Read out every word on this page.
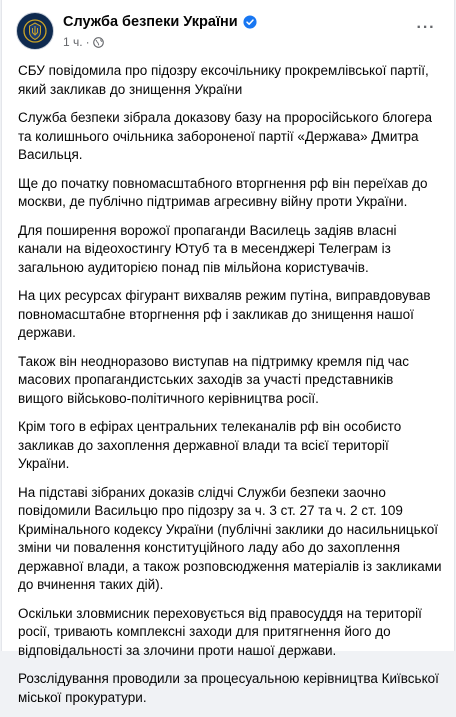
Служба безпеки України
1 ч. ·
···

СБУ повідомила про підозру ексочільнику прокремлівської партії, який закликав до знищення України

Служба безпеки зібрала доказову базу на проросійського блогера та колишнього очільника забороненої партії «Держава» Дмитра Васильця.

Ще до початку повномасштабного вторгнення рф він переїхав до москви, де публічно підтримав агресивну війну проти України.

Для поширення ворожої пропаганди Василець задіяв власні канали на відеохостингу Ютуб та в месенджері Телеграм із загальною аудиторією понад пів мільйона користувачів.

На цих ресурсах фігурант вихваляв режим путіна, виправдовував повномасштабне вторгнення рф і закликав до знищення нашої держави.

Також він неодноразово виступав на підтримку кремля під час масових пропагандистських заходів за участі представників вищого військово-політичного керівництва росії.

Крім того в ефірах центральних телеканалів рф він особисто закликав до захоплення державної влади та всієї території України.

На підставі зібраних доказів слідчі Служби безпеки заочно повідомили Васильцю про підозру за ч. 3 ст. 27 та ч. 2 ст. 109 Кримінального кодексу України (публічні заклики до насильницької зміни чи повалення конституційного ладу або до захоплення державної влади, а також розповсюдження матеріалів із закликами до вчинення таких дій).

Оскільки зловмисник переховується від правосуддя на території росії, тривають комплексні заходи для притягнення його до відповідальності за злочини проти нашої держави.

Розслідування проводили за процесуальною керівництва Київської міської прокуратури.
